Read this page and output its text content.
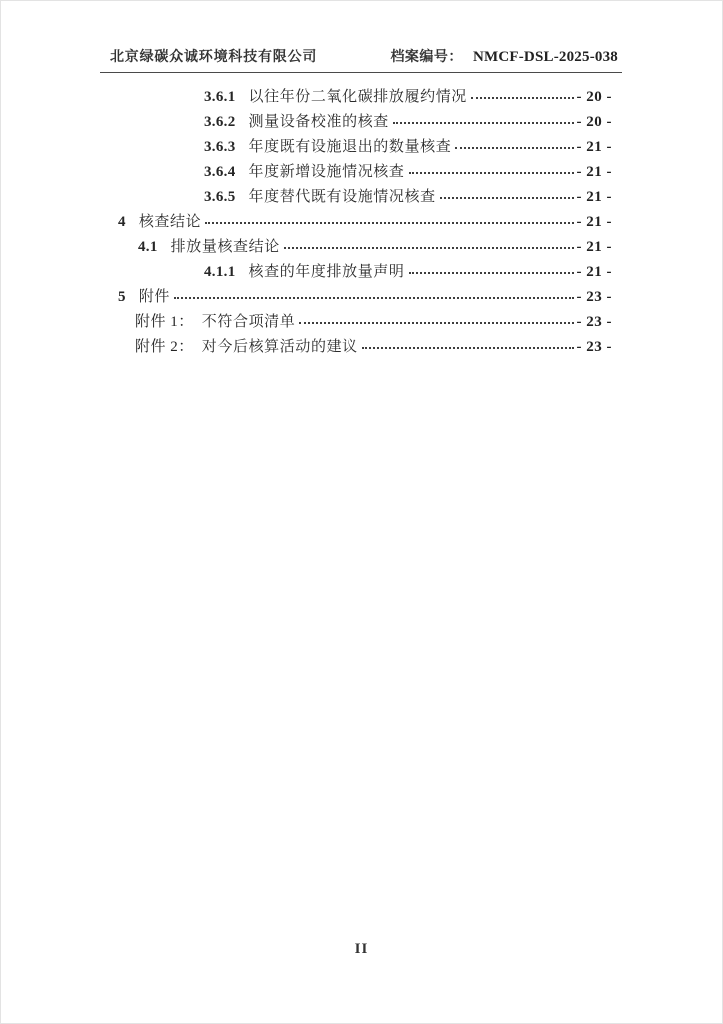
北京绿碳众诚环境科技有限公司	档案编号： NMCF-DSL-2025-038
3.6.1 以往年份二氧化碳排放履约情况	- 20 -
3.6.2 测量设备校准的核查	- 20 -
3.6.3 年度既有设施退出的数量核查	- 21 -
3.6.4 年度新增设施情况核查	- 21 -
3.6.5 年度替代既有设施情况核查	- 21 -
4 核查结论	- 21 -
4.1 排放量核查结论	- 21 -
4.1.1 核查的年度排放量声明	- 21 -
5 附件	- 23 -
附件 1： 不符合项清单	- 23 -
附件 2： 对今后核算活动的建议	- 23 -
II
